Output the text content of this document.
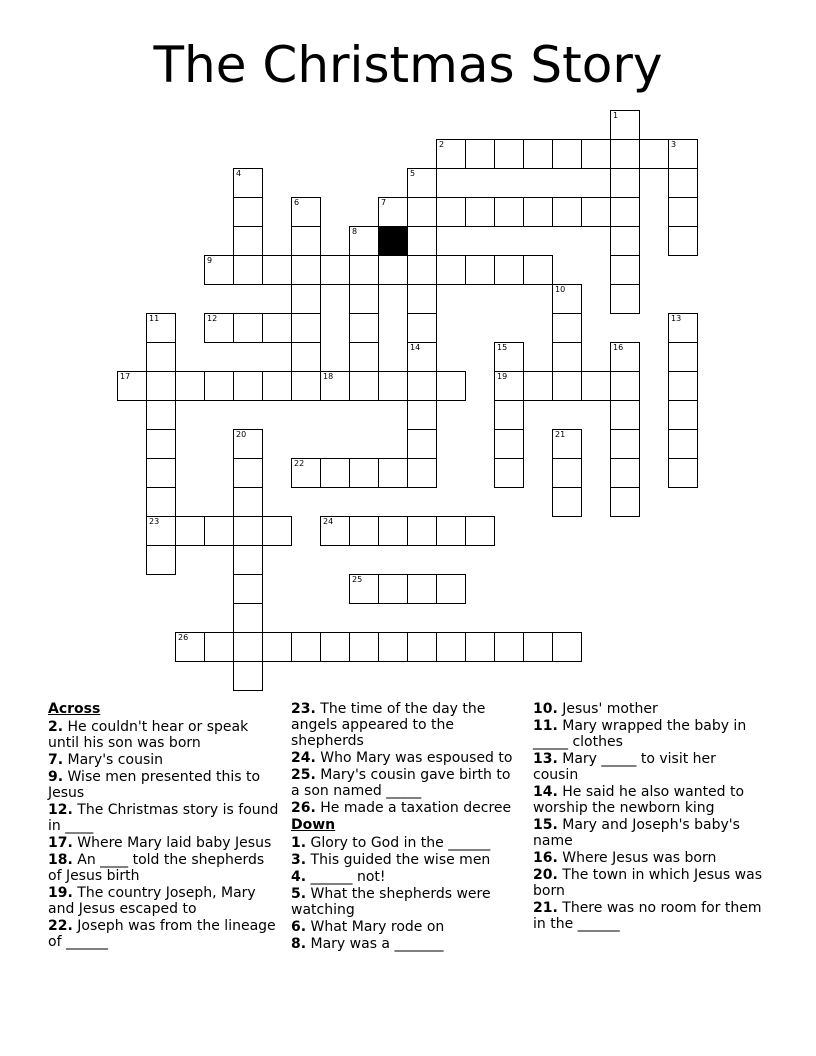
The Christmas Story
1
2	3
4	5
6	7
8
9
10
11
23
12	13
14	15
19
16
17	18
20	21
22
24
25
26
Across
2. He couldn't hear or speak until his son was born
7. Mary's cousin
9. Wise men presented this to Jesus
12. The Christmas story is found in ____
17. Where Mary laid baby Jesus
18. An ____ told the shepherds of Jesus birth
19. The country Joseph, Mary and Jesus escaped to
22. Joseph was from the lineage of ______
23. The time of the day the angels appeared to the shepherds
24. Who Mary was espoused to
25. Mary's cousin gave birth to a son named _____
26. He made a taxation decree
Down
1. Glory to God in the ______
3. This guided the wise men
4. ______ not!
5. What the shepherds were watching
6. What Mary rode on
8. Mary was a _______
10. Jesus' mother
11. Mary wrapped the baby in _____ clothes
13. Mary _____ to visit her cousin
14. He said he also wanted to worship the newborn king
15. Mary and Joseph's baby's name
16. Where Jesus was born
20. The town in which Jesus was born
21. There was no room for them in the ______
